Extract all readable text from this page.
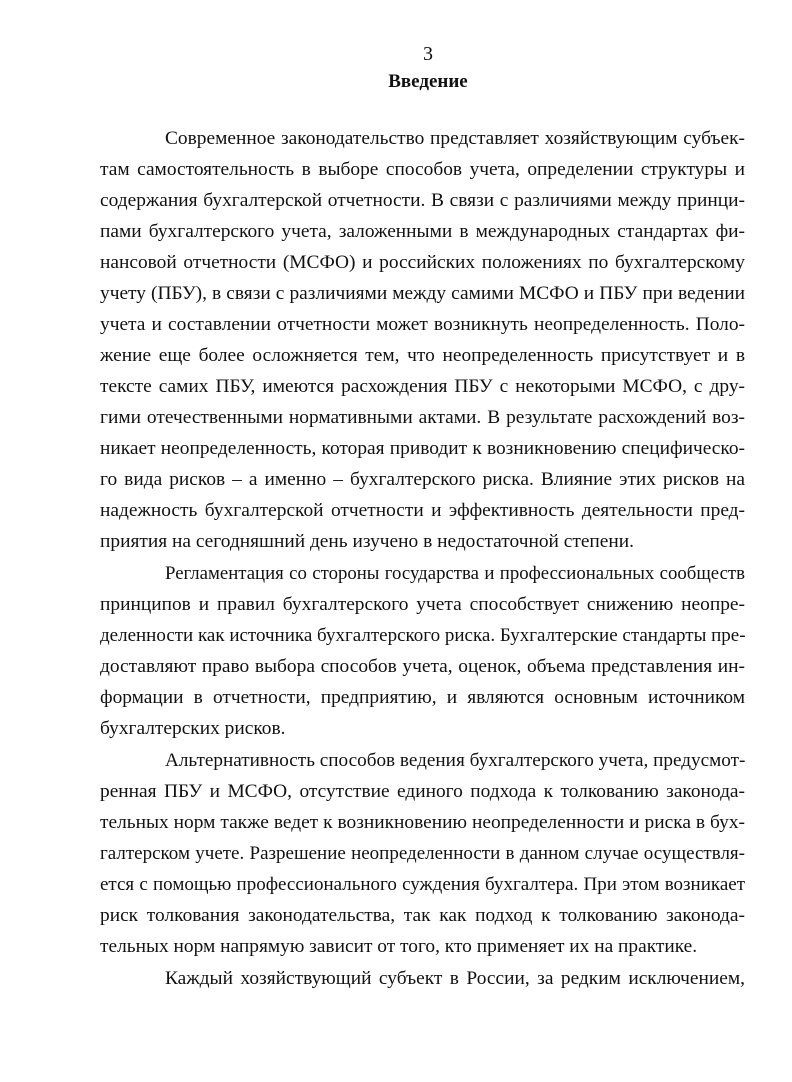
3
Введение
Современное законодательство представляет хозяйствующим субъек-
там самостоятельность в выборе способов учета, определении структуры и
содержания бухгалтерской отчетности. В связи с различиями между принци-
пами бухгалтерского учета, заложенными в международных стандартах фи-
нансовой отчетности (МСФО) и российских положениях по бухгалтерскому
учету (ПБУ), в связи с различиями между самими МСФО и ПБУ при ведении
учета и составлении отчетности может возникнуть неопределенность. Поло-
жение еще более осложняется тем, что неопределенность присутствует и в
тексте самих ПБУ, имеются расхождения ПБУ с некоторыми МСФО, с дру-
гими отечественными нормативными актами. В результате расхождений воз-
никает неопределенность, которая приводит к возникновению специфическо-
го вида рисков – а именно – бухгалтерского риска. Влияние этих рисков на
надежность бухгалтерской отчетности и эффективность деятельности пред-
приятия на сегодняшний день изучено в недостаточной степени.
Регламентация со стороны государства и профессиональных сообществ
принципов и правил бухгалтерского учета способствует снижению неопре-
деленности как источника бухгалтерского риска. Бухгалтерские стандарты пре-
доставляют право выбора способов учета, оценок, объема представления ин-
формации в отчетности, предприятию, и являются основным источником
бухгалтерских рисков.
Альтернативность способов ведения бухгалтерского учета, предусмот-
ренная ПБУ и МСФО, отсутствие единого подхода к толкованию законода-
тельных норм также ведет к возникновению неопределенности и риска в бух-
галтерском учете. Разрешение неопределенности в данном случае осуществля-
ется с помощью профессионального суждения бухгалтера. При этом возникает
риск толкования законодательства, так как подход к толкованию законода-
тельных норм напрямую зависит от того, кто применяет их на практике.
Каждый хозяйствующий субъект в России, за редким исключением,
